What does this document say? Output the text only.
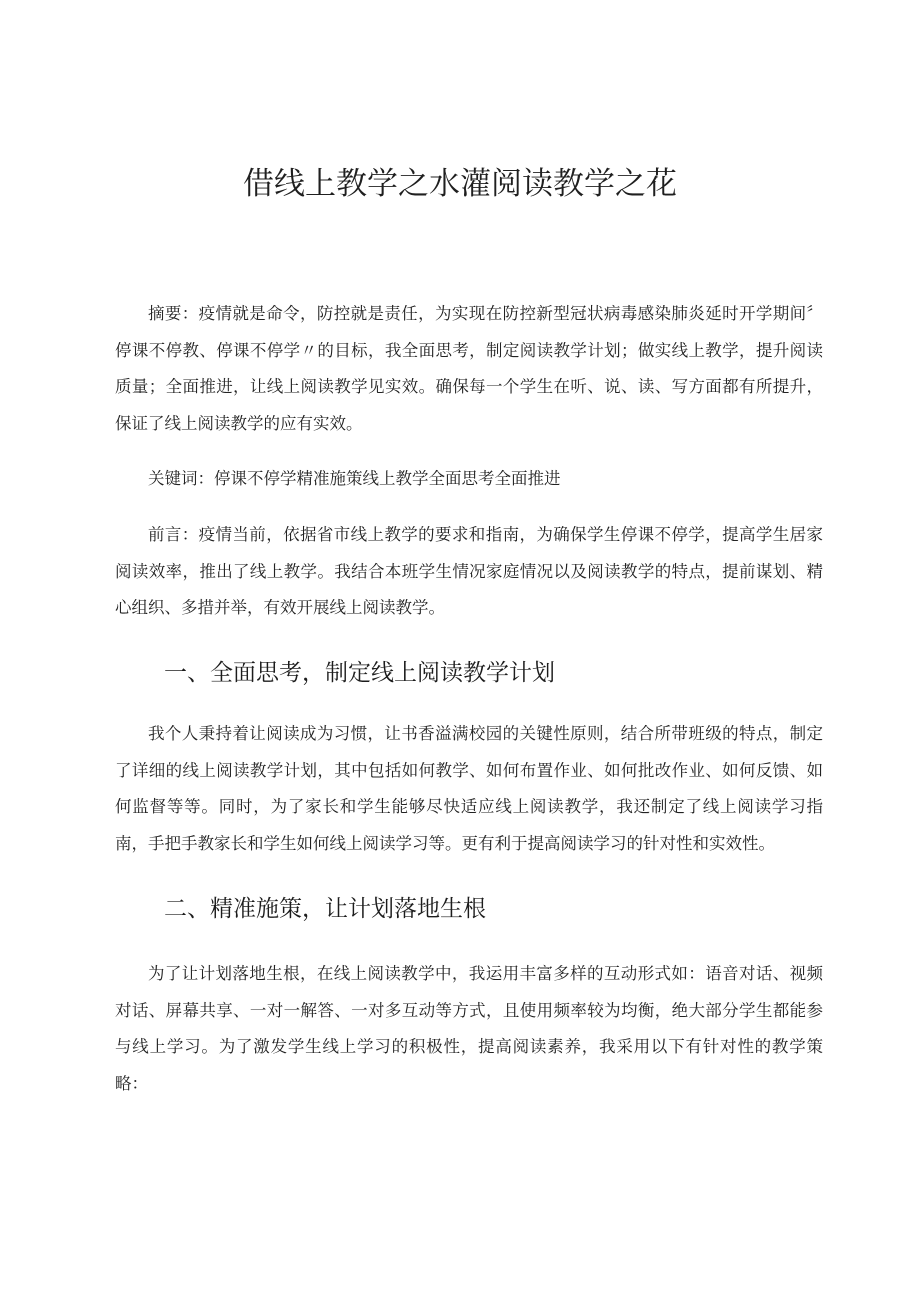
借线上教学之水灌阅读教学之花

摘要：疫情就是命令，防控就是责任，为实现在防控新型冠状病毒感染肺炎延时开学期间〞停课不停教、停课不停学〃的目标，我全面思考，制定阅读教学计划；做实线上教学，提升阅读质量；全面推进，让线上阅读教学见实效。确保每一个学生在听、说、读、写方面都有所提升，保证了线上阅读教学的应有实效。

关键词：停课不停学精准施策线上教学全面思考全面推进

前言：疫情当前，依据省市线上教学的要求和指南，为确保学生停课不停学，提高学生居家阅读效率，推出了线上教学。我结合本班学生情况家庭情况以及阅读教学的特点，提前谋划、精心组织、多措并举，有效开展线上阅读教学。

一、全面思考，制定线上阅读教学计划

我个人秉持着让阅读成为习惯，让书香溢满校园的关键性原则，结合所带班级的特点，制定了详细的线上阅读教学计划，其中包括如何教学、如何布置作业、如何批改作业、如何反馈、如何监督等等。同时，为了家长和学生能够尽快适应线上阅读教学，我还制定了线上阅读学习指南，手把手教家长和学生如何线上阅读学习等。更有利于提高阅读学习的针对性和实效性。

二、精准施策，让计划落地生根

为了让计划落地生根，在线上阅读教学中，我运用丰富多样的互动形式如：语音对话、视频对话、屏幕共享、一对一解答、一对多互动等方式，且使用频率较为均衡，绝大部分学生都能参与线上学习。为了激发学生线上学习的积极性，提高阅读素养，我采用以下有针对性的教学策略：
